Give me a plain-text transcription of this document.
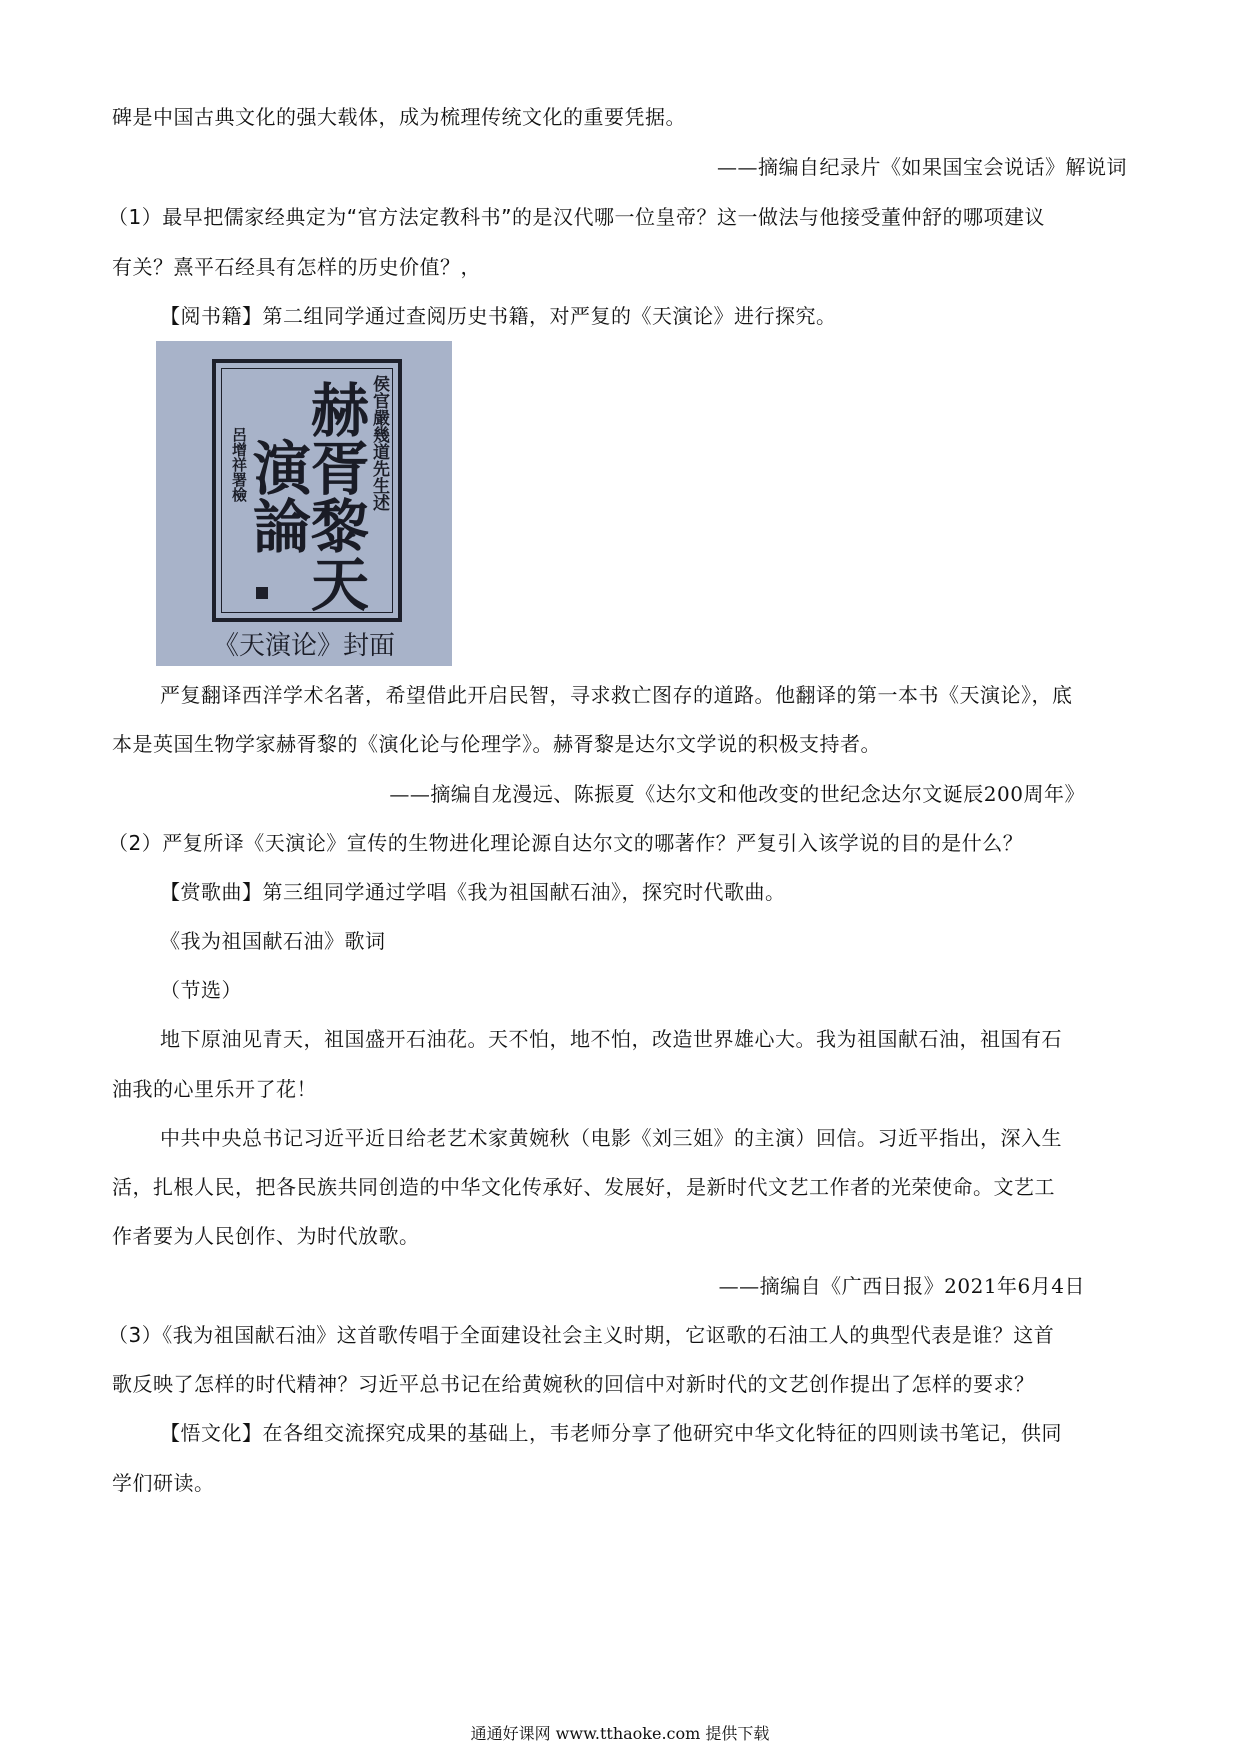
碑是中国古典文化的强大载体，成为梳理传统文化的重要凭据。
——摘编自纪录片《如果国宝会说话》解说词
（1）最早把儒家经典定为“官方法定教科书”的是汉代哪一位皇帝？这一做法与他接受董仲舒的哪项建议
有关？熹平石经具有怎样的历史价值？，
【阅书籍】第二组同学通过查阅历史书籍，对严复的《天演论》进行探究。
侯官嚴幾道先生述
赫胥黎天演論
呂增祥署檢
《天演论》封面
严复翻译西洋学术名著，希望借此开启民智，寻求救亡图存的道路。他翻译的第一本书《天演论》，底
本是英国生物学家赫胥黎的《演化论与伦理学》。赫胥黎是达尔文学说的积极支持者。
——摘编自龙漫远、陈振夏《达尔文和他改变的世纪念达尔文诞辰200周年》
（2）严复所译《天演论》宣传的生物进化理论源自达尔文的哪著作？严复引入该学说的目的是什么？
【赏歌曲】第三组同学通过学唱《我为祖国献石油》，探究时代歌曲。
《我为祖国献石油》歌词
（节选）
地下原油见青天，祖国盛开石油花。天不怕，地不怕，改造世界雄心大。我为祖国献石油，祖国有石
油我的心里乐开了花！
中共中央总书记习近平近日给老艺术家黄婉秋（电影《刘三姐》的主演）回信。习近平指出，深入生
活，扎根人民，把各民族共同创造的中华文化传承好、发展好，是新时代文艺工作者的光荣使命。文艺工
作者要为人民创作、为时代放歌。
——摘编自《广西日报》2021年6月4日
（3）《我为祖国献石油》这首歌传唱于全面建设社会主义时期，它讴歌的石油工人的典型代表是谁？这首
歌反映了怎样的时代精神？习近平总书记在给黄婉秋的回信中对新时代的文艺创作提出了怎样的要求？
【悟文化】在各组交流探究成果的基础上，韦老师分享了他研究中华文化特征的四则读书笔记，供同
学们研读。
通通好课网 www.tthaoke.com 提供下载
